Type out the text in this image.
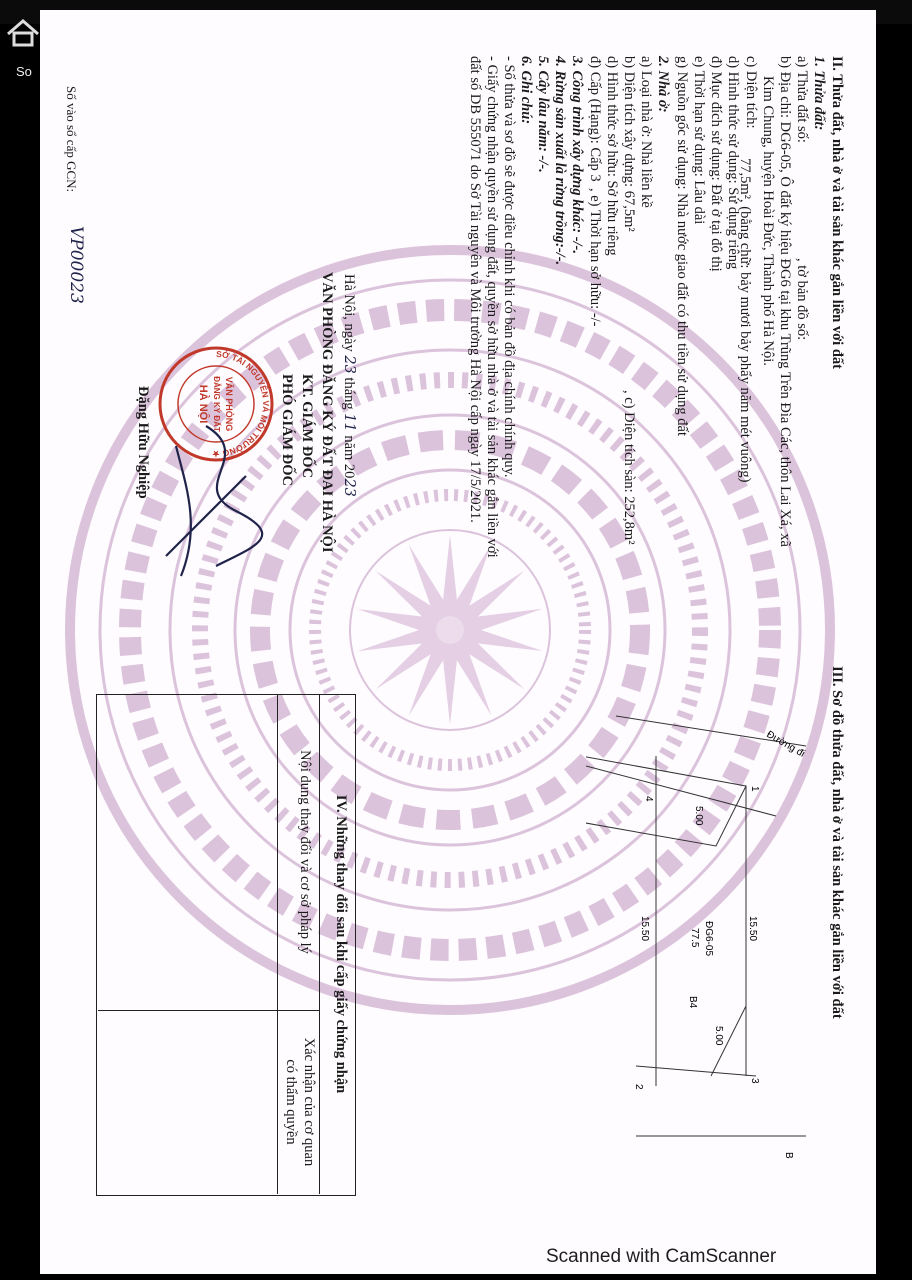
So	II. Thửa đất, nhà ở và tài sản khác gắn liền với đất
1. Thửa đất:
a) Thửa đất số:
, tờ bản đồ số:
b) Địa chỉ: DG6-05, Ô đất ký hiệu ĐG6 tại khu Trũng Trên Đìa Các, thôn Lai Xá, xã
Kim Chung, huyện Hoài Đức, Thành phố Hà Nội.
c) Diện tích:
77,5m², (bằng chữ: bảy mươi bảy phẩy năm mét vuông)
d) Hình thức sử dụng: Sử dụng riêng
đ) Mục đích sử dụng: Đất ở tại đô thị
e) Thời hạn sử dụng: Lâu dài
g) Nguồn gốc sử dụng: Nhà nước giao đất có thu tiền sử dụng đất
2. Nhà ở:
a) Loại nhà ở: Nhà liền kề
b) Diện tích xây dựng: 67,5m²
, c) Diện tích sàn: 252,8m²
d) Hình thức sở hữu: Sở hữu riêng
đ) Cấp (Hạng): Cấp 3
, e) Thời hạn sở hữu: -/-
3. Công trình xây dựng khác: -/-.
4. Rừng sản xuất là rừng trồng:-/-.
5. Cây lâu năm: -/-.
6. Ghi chú:
- Số thửa và sơ đồ sẽ được điều chỉnh khi có bản đồ địa chính chính quy.
- Giấy chứng nhận quyền sử dụng đất, quyền sở hữu nhà ở và tài sản khác gắn liền với
đất số DB 555071 do Sở Tài nguyên và Môi trường Hà Nội cấp ngày 17/5/2021.
Hà Nội, ngày 23 tháng 11 năm 2023
VĂN PHÒNG ĐĂNG KÝ ĐẤT ĐAI HÀ NỘI
KT. GIÁM ĐỐC
PHÓ GIÁM ĐỐC
Đặng Hữu Nghiệp
Số vào sổ cấp GCN:
VP00023
VĂN PHÒNG
ĐĂNG KÝ ĐẤT
HÀ NỘI
SỞ TÀI NGUYÊN VÀ MÔI TRƯỜNG ★
III. Sơ đồ thửa đất, nhà ở và tài sản khác gắn liền với đất
Đường đi
1
2
3
4
5.00
5.00
15.50
15.50	ĐG6-05
77.5
B4
B
IV. Những thay đổi sau khi cấp giấy chứng nhận
Nội dung thay đổi và cơ sở pháp lý
Xác nhận của cơ quan
có thẩm quyền
Scanned with CamScanner
